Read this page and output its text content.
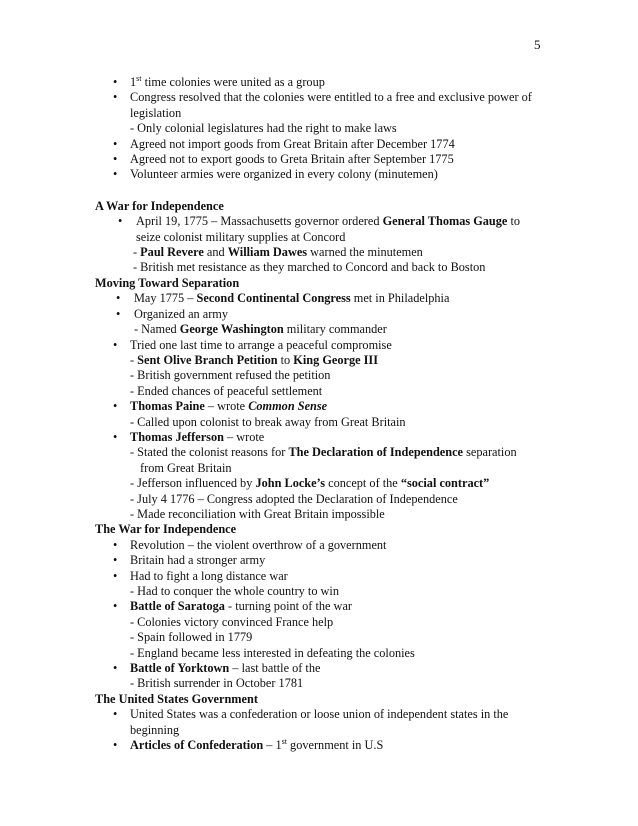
5
• 1st time colonies were united as a group
• Congress resolved that the colonies were entitled to a free and exclusive power of
legislation
- Only colonial legislatures had the right to make laws
• Agreed not import goods from Great Britain after December 1774
• Agreed not to export goods to Greta Britain after September 1775
• Volunteer armies were organized in every colony (minutemen)
A War for Independence
• April 19, 1775 – Massachusetts governor ordered General Thomas Gauge to
seize colonist military supplies at Concord
- Paul Revere and William Dawes warned the minutemen
- British met resistance as they marched to Concord and back to Boston
Moving Toward Separation
• May 1775 – Second Continental Congress met in Philadelphia
• Organized an army
- Named George Washington military commander
• Tried one last time to arrange a peaceful compromise
- Sent Olive Branch Petition to King George III
- British government refused the petition
- Ended chances of peaceful settlement
• Thomas Paine – wrote Common Sense
- Called upon colonist to break away from Great Britain
• Thomas Jefferson – wrote
- Stated the colonist reasons for The Declaration of Independence separation
from Great Britain
- Jefferson influenced by John Locke’s concept of the “social contract”
- July 4 1776 – Congress adopted the Declaration of Independence
- Made reconciliation with Great Britain impossible
The War for Independence
• Revolution – the violent overthrow of a government
• Britain had a stronger army
• Had to fight a long distance war
- Had to conquer the whole country to win
• Battle of Saratoga - turning point of the war
- Colonies victory convinced France help
- Spain followed in 1779
- England became less interested in defeating the colonies
• Battle of Yorktown – last battle of the
- British surrender in October 1781
The United States Government
• United States was a confederation or loose union of independent states in the
beginning
• Articles of Confederation – 1st government in U.S
